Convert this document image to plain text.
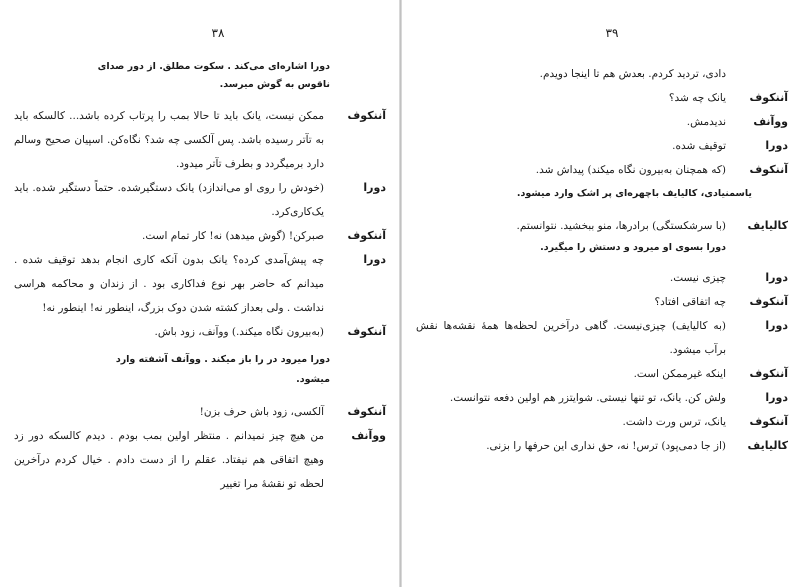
۳۸
دورا اشاره‌ای می‌کند . سکوت مطلق. از دور صدای ناقوس به گوش میرسد.
آننکوف
ممکن نیست، یانک باید تا حالا بمب را پرتاب کرده باشد... کالسکه باید به تآتر رسیده باشد. پس آلکسی چه شد؟ نگاه‌کن. اسپیان صحیح وسالم دارد برمیگردد و بطرف تآتر میدود.
دورا
(خودش را روی او می‌اندازد) یانک دستگیرشده. حتماً دستگیر شده. باید یک‌کاری‌کرد.
آننکوف
صبرکن! (گوش میدهد) نه! کار تمام است.
دورا
چه پیش‌آمدی کرده؟ یانک بدون آنکه کاری انجام بدهد توقیف شده . میدانم که حاضر بهر نوع فداکاری بود . از زندان و محاکمه هراسی نداشت . ولی بعداز کشته شدن دوک بزرگ، اینطور نه! اینطور نه!
آننکوف
(به‌بیرون نگاه میکند.) ووآنف، زود باش.
دورا میرود در را باز میکند . ووآنف آشفته وارد میشود.
آننکوف
آلکسی، زود باش حرف بزن!
ووآنف
من هیچ چیز نمیدانم . منتظر اولین بمب بودم . دیدم کالسکه دور زد وهیچ اتفاقی هم نیفتاد. عقلم را از دست دادم . خیال کردم درآخرین لحظه تو نقشهٔ مرا تغییر
۳۹
دادی، تردید کردم. بعدش هم تا اینجا دویدم.
آننکوف
یانک چه شد؟
ووآنف
ندیدمش.
دورا
توقیف شده.
آننکوف
(که همچنان به‌بیرون نگاه میکند) پیداش شد.
یاسمنیادی، کالیایف باچهره‌ای پر اشک وارد میشود.
کالیایف
(با سرشکستگی) برادرها، منو ببخشید. نتوانستم.
دورا بسوی او میرود و دستش را میگیرد.
دورا
چیزی نیست.
آننکوف
چه اتفاقی افتاد؟
دورا
(به کالیایف) چیزی‌نیست. گاهی درآخرین لحظه‌ها همهٔ نقشه‌ها نقش برآب میشود.
آننکوف
اینکه غیرممکن است.
دورا
ولش کن. یانک، تو تنها نیستی. شوایتزر هم اولین دفعه نتوانست.
آننکوف
یانک، ترس ورت داشت.
کالیایف
(از جا دمی‌پود) ترس! نه، حق نداری این حرفها را بزنی.
